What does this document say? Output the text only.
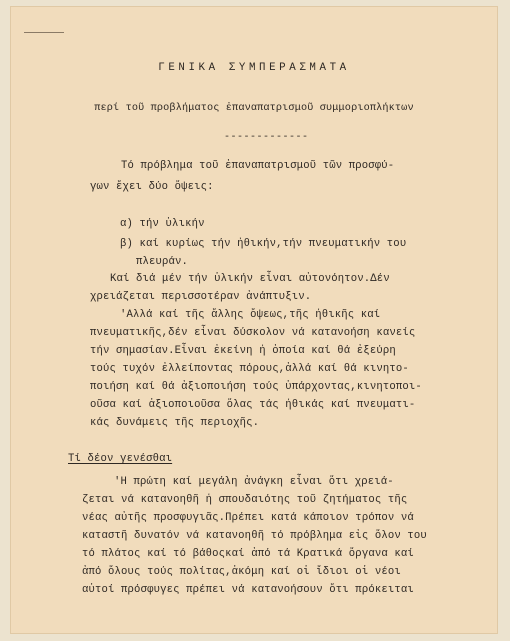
ΓΕΝΙΚΑ ΣΥΜΠΕΡΑΣΜΑΤΑ
περί τοῦ προβλήματος ἐπαναπατρισμοῦ συμμοριοπλήκτων
-------------
Τό πρόβλημα τοῦ ἐπαναπατρισμοῦ τῶν προσφύ-
γων ἔχει δύο ὄψεις:
α) τήν ὑλικήν
β) καί κυρίως τήν ἠθικήν,τήν πνευματικήν του
πλευράν.
Καί διά μέν τήν ὑλικήν εἶναι αὐτονόητον.Δέν
χρειάζεται περισσοτέραν ἀνάπτυξιν.
'Αλλά καί τῆς ἄλλης ὄψεως,τῆς ἠθικῆς καί
πνευματικῆς,δέν εἶναι δύσκολον νά κατανοήση κανείς
τήν σημασίαν.Εἶναι ἐκείνη ἡ ὁποία καί θά ἐξεύρη
τούς τυχόν ἐλλείποντας πόρους,ἀλλά καί θά κινητο-
ποιήση καί θά ἀξιοποιήση τούς ὑπάρχοντας,κινητοποι-
οῦσα καί ἀξιοποιοῦσα ὅλας τάς ἠθικάς καί πνευματι-
κάς δυνάμεις τῆς περιοχῆς.
Τί δέον γενέσθαι
'Η πρώτη καί μεγάλη ἀνάγκη εἶναι ὅτι χρειά-
ζεται νά κατανοηθῆ ἡ σπουδαιότης τοῦ ζητήματος τῆς
νέας αὐτῆς προσφυγιᾶς.Πρέπει κατά κάποιον τρόπον νά
καταστῆ δυνατόν νά κατανοηθῆ τό πρόβλημα εἰς ὅλον του
τό πλάτος καί τό βάθοςκαί ἀπό τά Κρατικά ὄργανα καί
ἀπό ὅλους τούς πολίτας,ἀκόμη καί οἱ ἴδιοι οἱ νέοι
αὐτοί πρόσφυγες πρέπει νά κατανοήσουν ὅτι πρόκειται
